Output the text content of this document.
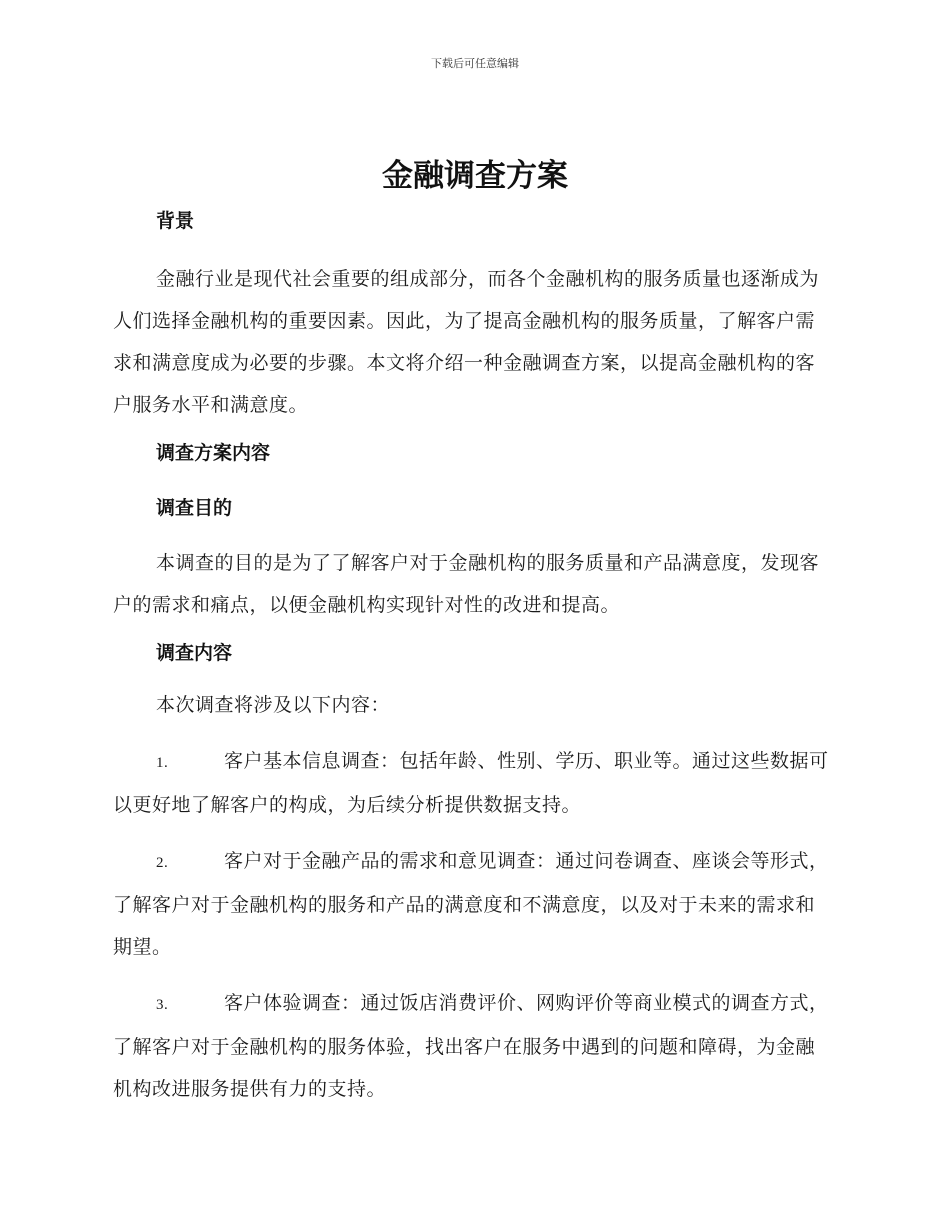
下载后可任意编辑
金融调查方案

背景

金融行业是现代社会重要的组成部分，而各个金融机构的服务质量也逐渐成为人们选择金融机构的重要因素。因此，为了提高金融机构的服务质量，了解客户需求和满意度成为必要的步骤。本文将介绍一种金融调查方案，以提高金融机构的客户服务水平和满意度。

调查方案内容

调查目的

本调查的目的是为了了解客户对于金融机构的服务质量和产品满意度，发现客户的需求和痛点，以便金融机构实现针对性的改进和提高。

调查内容

本次调查将涉及以下内容：

1.	客户基本信息调查：包括年龄、性别、学历、职业等。通过这些数据可以更好地了解客户的构成，为后续分析提供数据支持。
2.	客户对于金融产品的需求和意见调查：通过问卷调查、座谈会等形式，了解客户对于金融机构的服务和产品的满意度和不满意度，以及对于未来的需求和期望。
3.	客户体验调查：通过饭店消费评价、网购评价等商业模式的调查方式，了解客户对于金融机构的服务体验，找出客户在服务中遇到的问题和障碍，为金融机构改进服务提供有力的支持。
